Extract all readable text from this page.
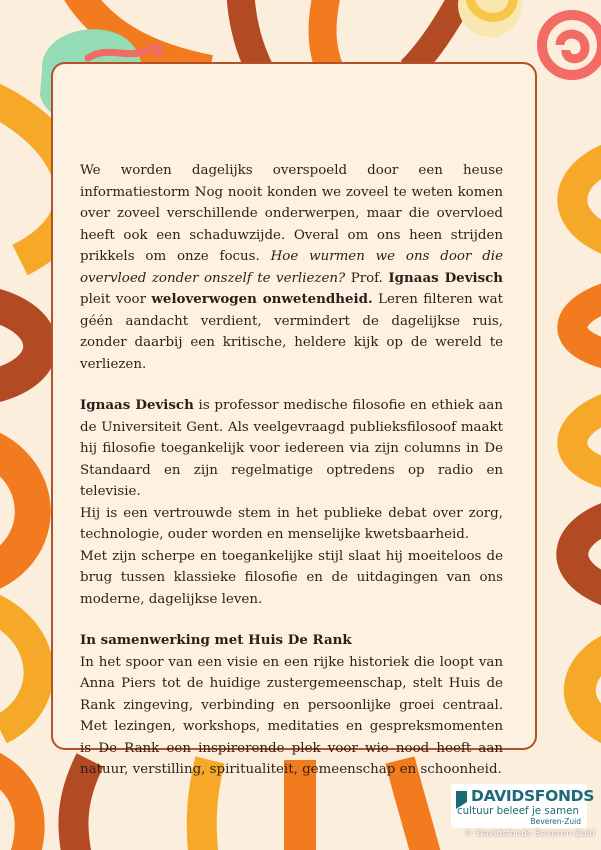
We worden dagelijks overspoeld door een heuse informatiestorm Nog nooit konden we zoveel te weten komen over zoveel verschillende onderwerpen, maar die overvloed heeft ook een schaduwzijde. Overal om ons heen strijden prikkels om onze focus. Hoe wurmen we ons door die overvloed zonder onszelf te verliezen? Prof. Ignaas Devisch pleit voor weloverwogen onwetendheid. Leren filteren wat géén aandacht verdient, vermindert de dagelijkse ruis, zonder daarbij een kritische, heldere kijk op de wereld te verliezen.

Ignaas Devisch is professor medische filosofie en ethiek aan de Universiteit Gent. Als veelgevraagd publieksfilosoof maakt hij filosofie toegankelijk voor iedereen via zijn columns in De Standaard en zijn regelmatige optredens op radio en televisie.

Hij is een vertrouwde stem in het publieke debat over zorg, technologie, ouder worden en menselijke kwetsbaarheid.

Met zijn scherpe en toegankelijke stijl slaat hij moeiteloos de brug tussen klassieke filosofie en de uitdagingen van ons moderne, dagelijkse leven.

In samenwerking met Huis De Rank

In het spoor van een visie en een rijke historiek die loopt van Anna Piers tot de huidige zustergemeenschap, stelt Huis de Rank zingeving, verbinding en persoonlijke groei centraal. Met lezingen, workshops, meditaties en gespreksmomenten is De Rank een inspirerende plek voor wie nood heeft aan natuur, verstilling, spiritualiteit, gemeenschap en schoonheid.

DAVIDSFONDS
cultuur beleef je samen
Beveren-Zuid
© Davidsfonds Beveren-Zuid
